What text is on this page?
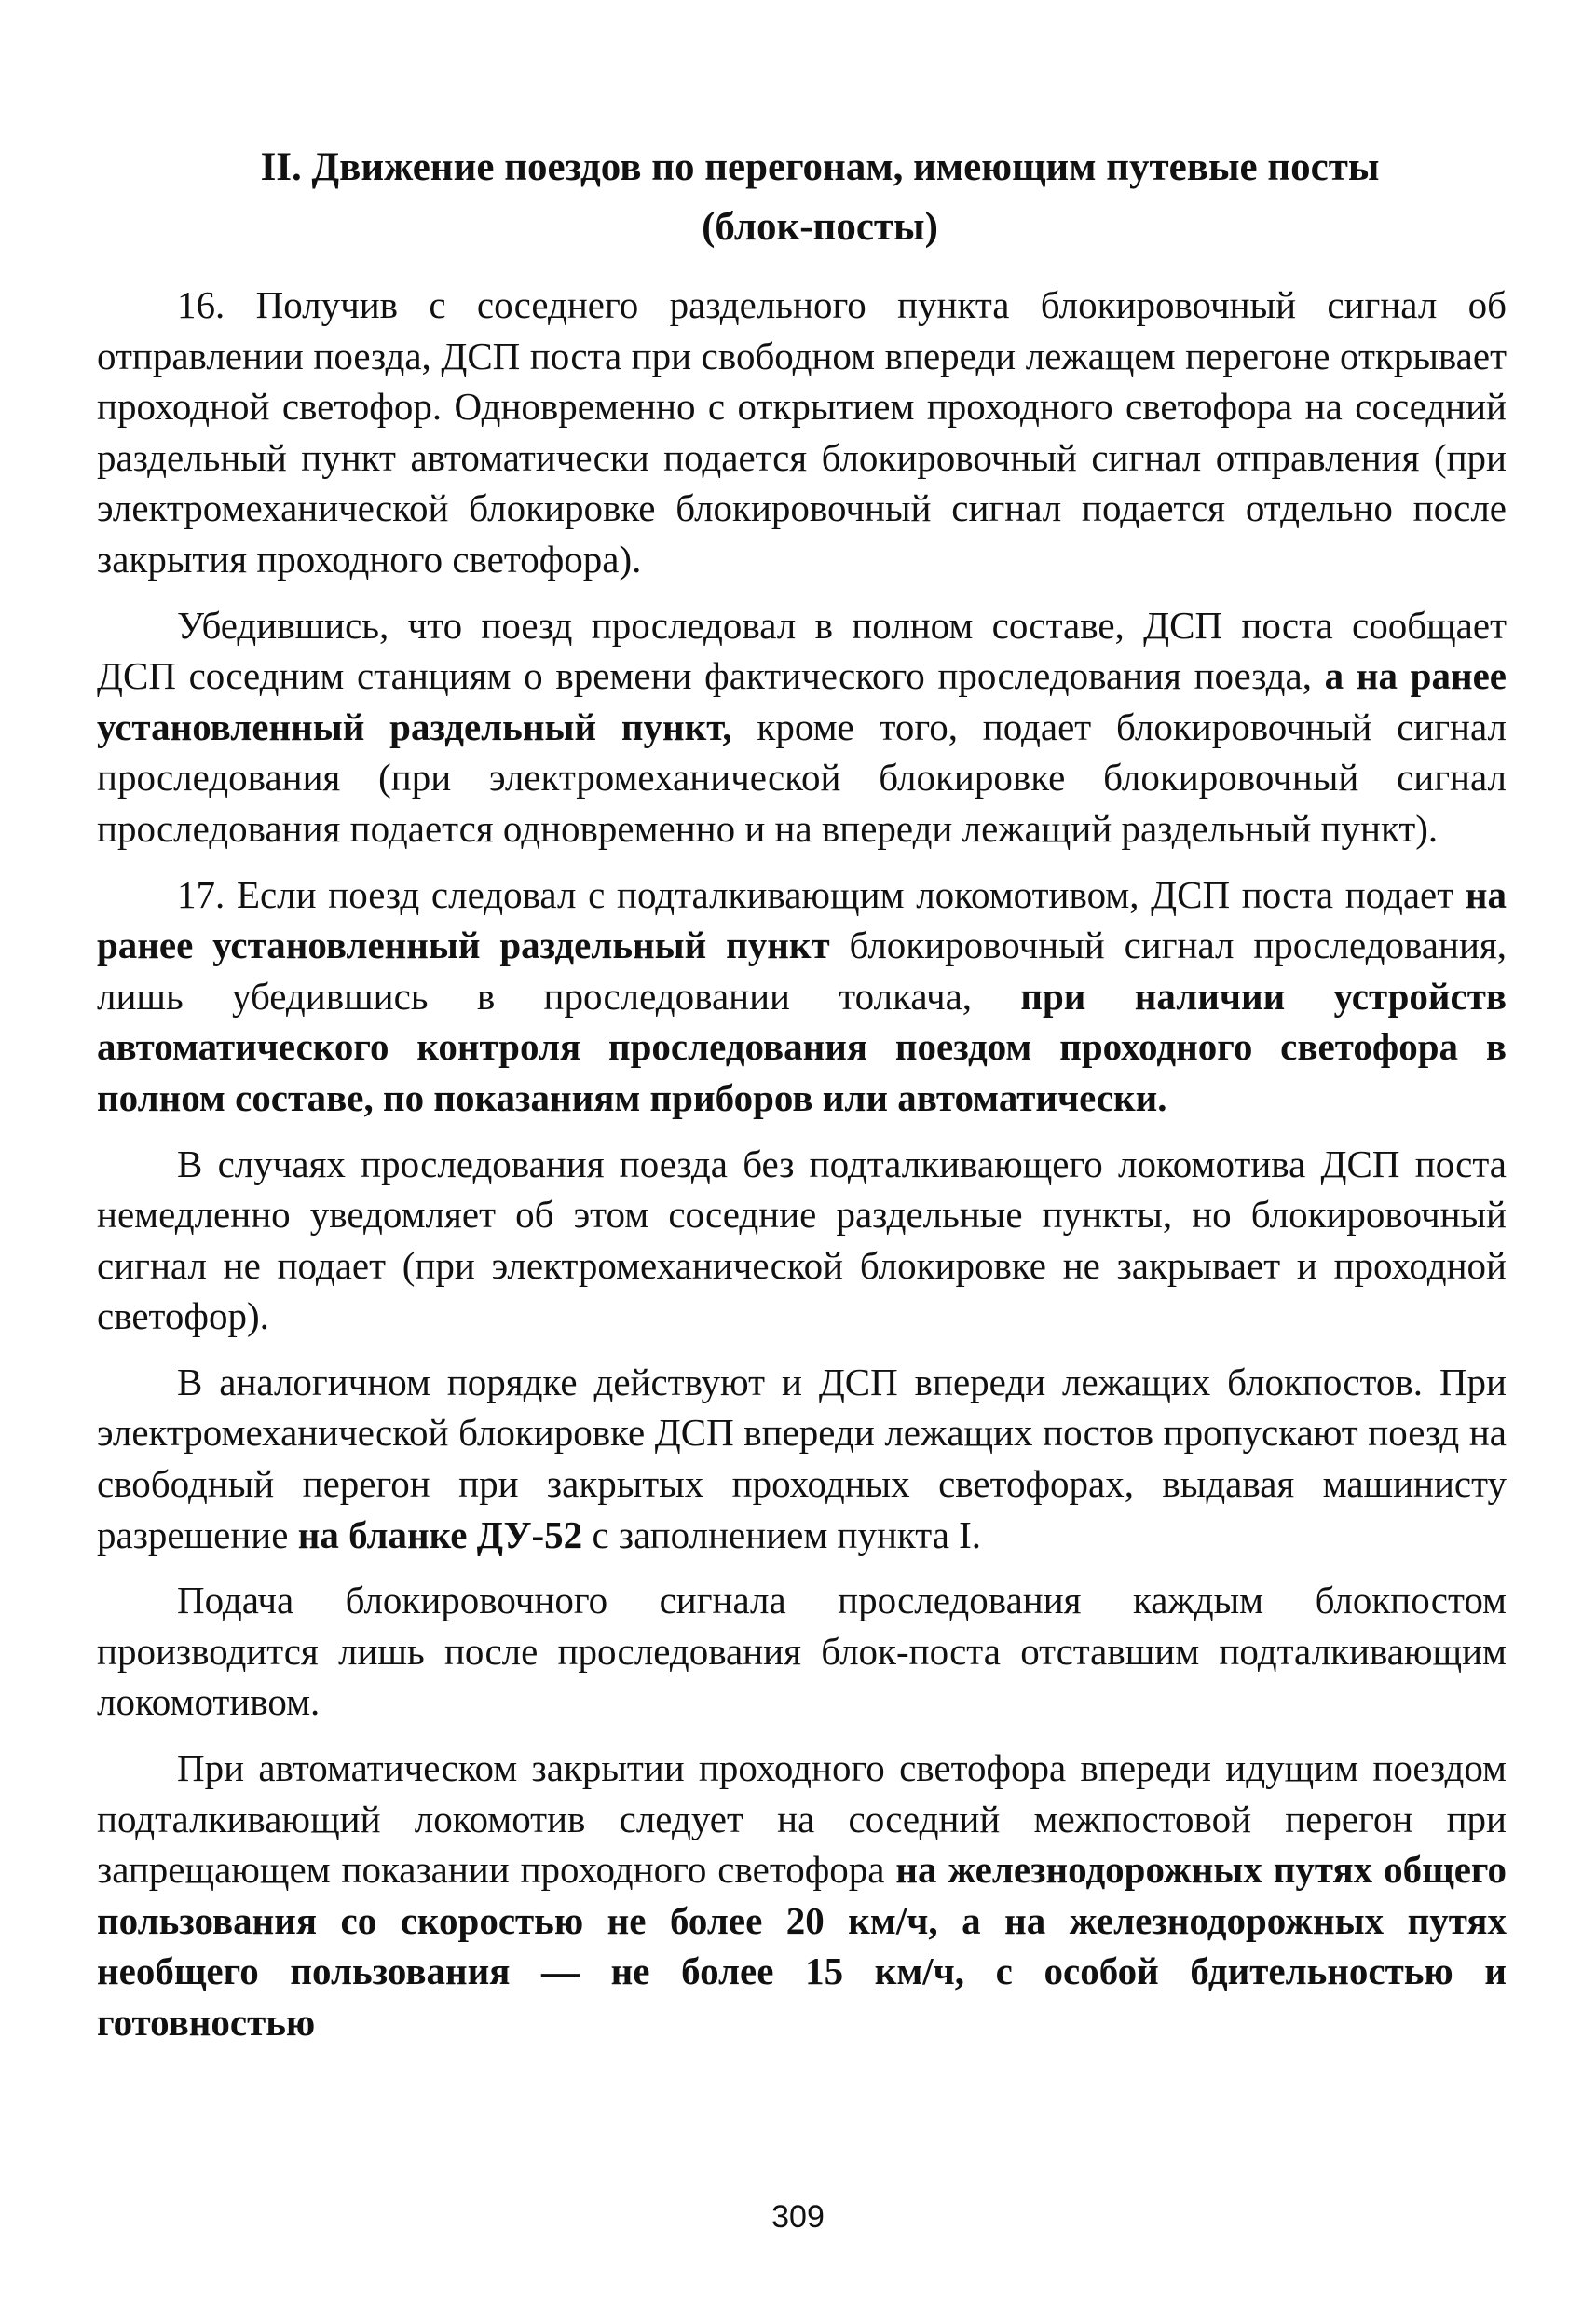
II. Движение поездов по перегонам, имеющим путевые посты
(блок-посты)

16. Получив с соседнего раздельного пункта блокировочный сигнал об отправлении поезда, ДСП поста при свободном впереди лежащем перегоне открывает проходной светофор. Одновременно с открытием проходного светофора на соседний раздельный пункт автоматически подается блокировочный сигнал отправления (при электромеханической блокировке блокировочный сигнал подается отдельно после закрытия проходного светофора).

Убедившись, что поезд проследовал в полном составе, ДСП поста сообщает ДСП соседним станциям о времени фактического проследования поезда, а на ранее установленный раздельный пункт, кроме того, подает блокировочный сигнал проследования (при электромеханической блокировке блокировочный сигнал проследования подается одновременно и на впереди лежащий раздельный пункт).

17. Если поезд следовал с подталкивающим локомотивом, ДСП поста подает на ранее установленный раздельный пункт блокировочный сигнал проследования, лишь убедившись в проследовании толкача, при наличии устройств автоматического контроля проследования поездом проходного светофора в полном составе, по показаниям приборов или автоматически.

В случаях проследования поезда без подталкивающего локомотива ДСП поста немедленно уведомляет об этом соседние раздельные пункты, но блокировочный сигнал не подает (при электромеханической блокировке не закрывает и проходной светофор).

В аналогичном порядке действуют и ДСП впереди лежащих блокпостов. При электромеханической блокировке ДСП впереди лежащих постов пропускают поезд на свободный перегон при закрытых проходных светофорах, выдавая машинисту разрешение на бланке ДУ-52 с заполнением пункта I.

Подача блокировочного сигнала проследования каждым блокпостом производится лишь после проследования блок-поста отставшим подталкивающим локомотивом.

При автоматическом закрытии проходного светофора впереди идущим поездом подталкивающий локомотив следует на соседний межпостовой перегон при запрещающем показании проходного светофора на железнодорожных путях общего пользования со скоростью не более 20 км/ч, а на железнодорожных путях необщего пользования — не более 15 км/ч, с особой бдительностью и готовностью

309
